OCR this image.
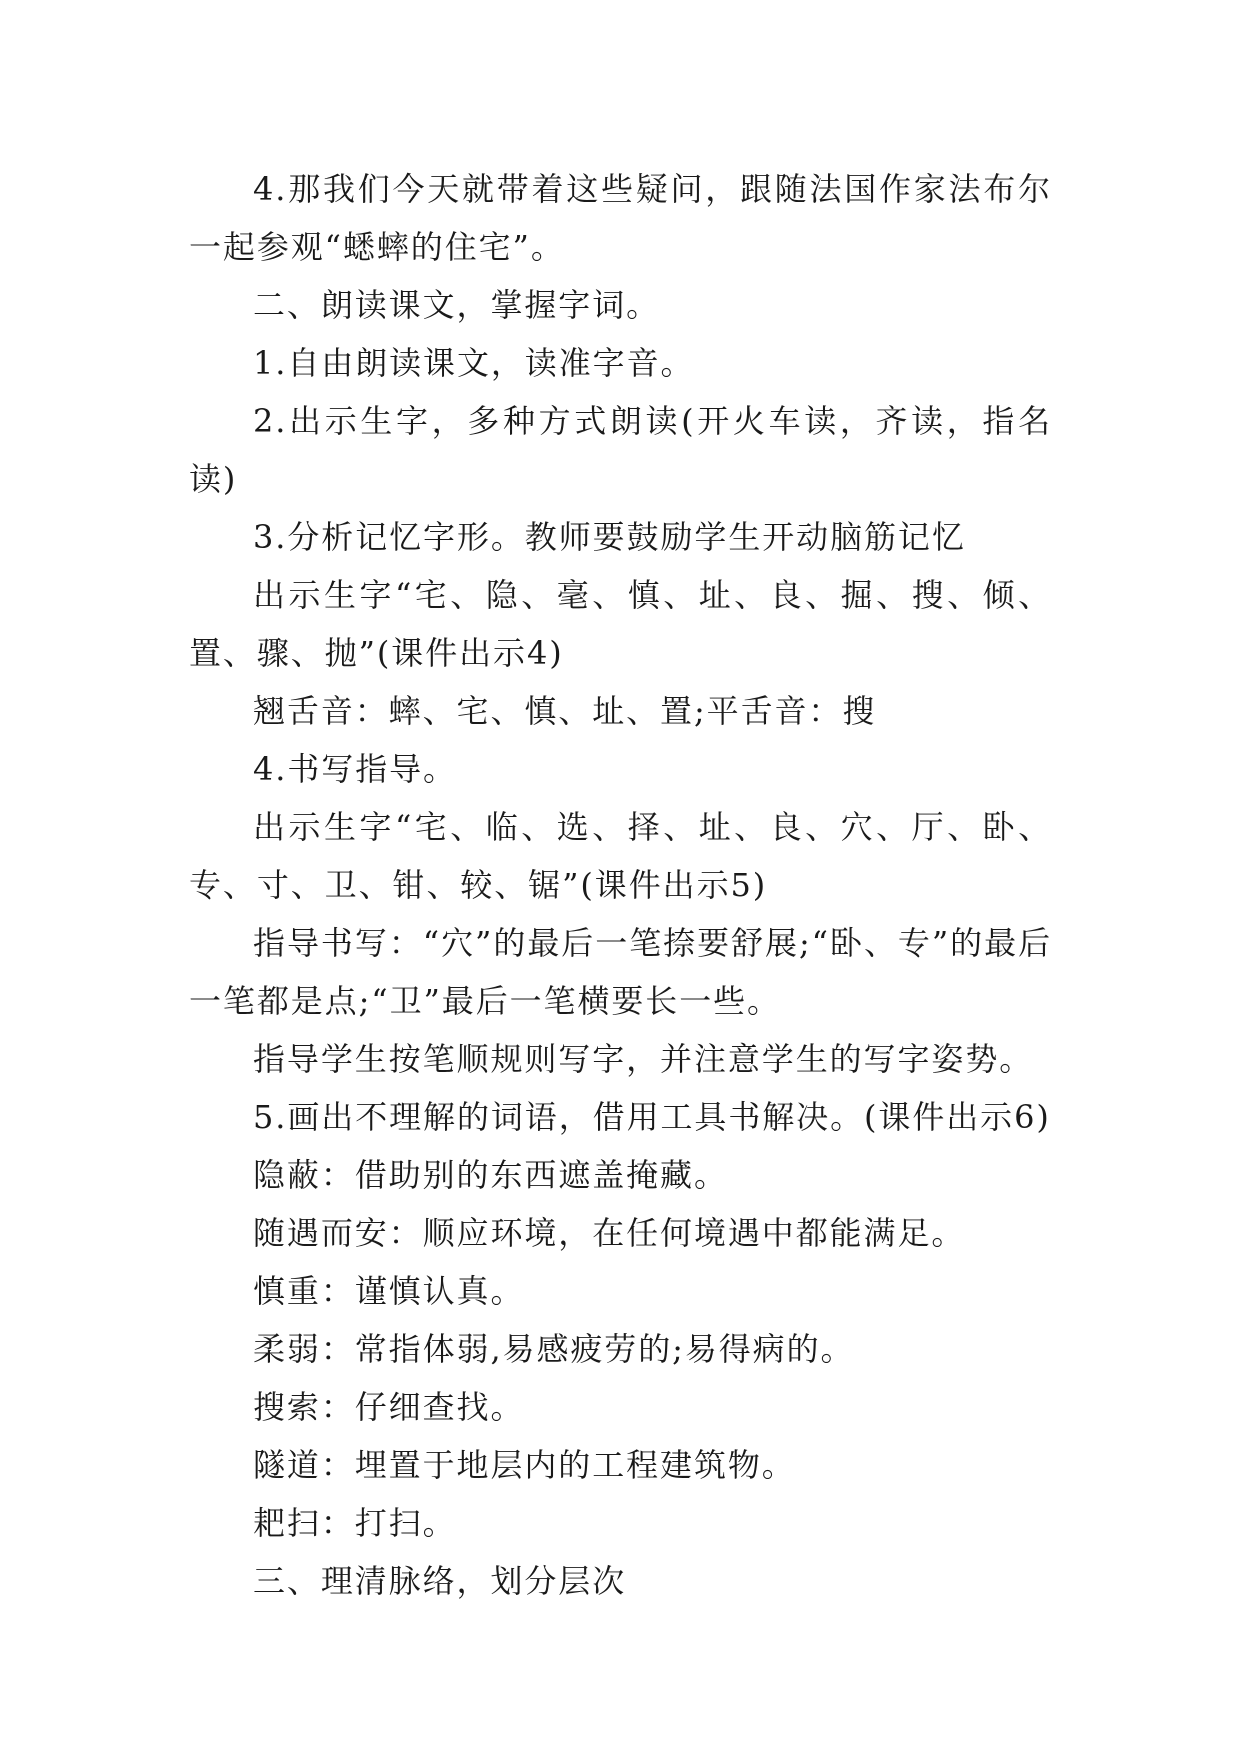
4.那我们今天就带着这些疑问，跟随法国作家法布尔一起参观“蟋蟀的住宅”。

二、朗读课文，掌握字词。

1.自由朗读课文，读准字音。

2.出示生字，多种方式朗读(开火车读，齐读，指名读)

3.分析记忆字形。教师要鼓励学生开动脑筋记忆

出示生字“宅、隐、毫、慎、址、良、掘、搜、倾、置、骤、抛”(课件出示4)

翘舌音：蟀、宅、慎、址、置;平舌音：搜

4.书写指导。

出示生字“宅、临、选、择、址、良、穴、厅、卧、专、寸、卫、钳、较、锯”(课件出示5)

指导书写：“穴”的最后一笔捺要舒展;“卧、专”的最后一笔都是点;“卫”最后一笔横要长一些。

指导学生按笔顺规则写字，并注意学生的写字姿势。

5.画出不理解的词语，借用工具书解决。(课件出示6)

隐蔽：借助别的东西遮盖掩藏。

随遇而安：顺应环境，在任何境遇中都能满足。

慎重：谨慎认真。

柔弱：常指体弱,易感疲劳的;易得病的。

搜索：仔细查找。

隧道：埋置于地层内的工程建筑物。

耙扫：打扫。

三、理清脉络，划分层次
